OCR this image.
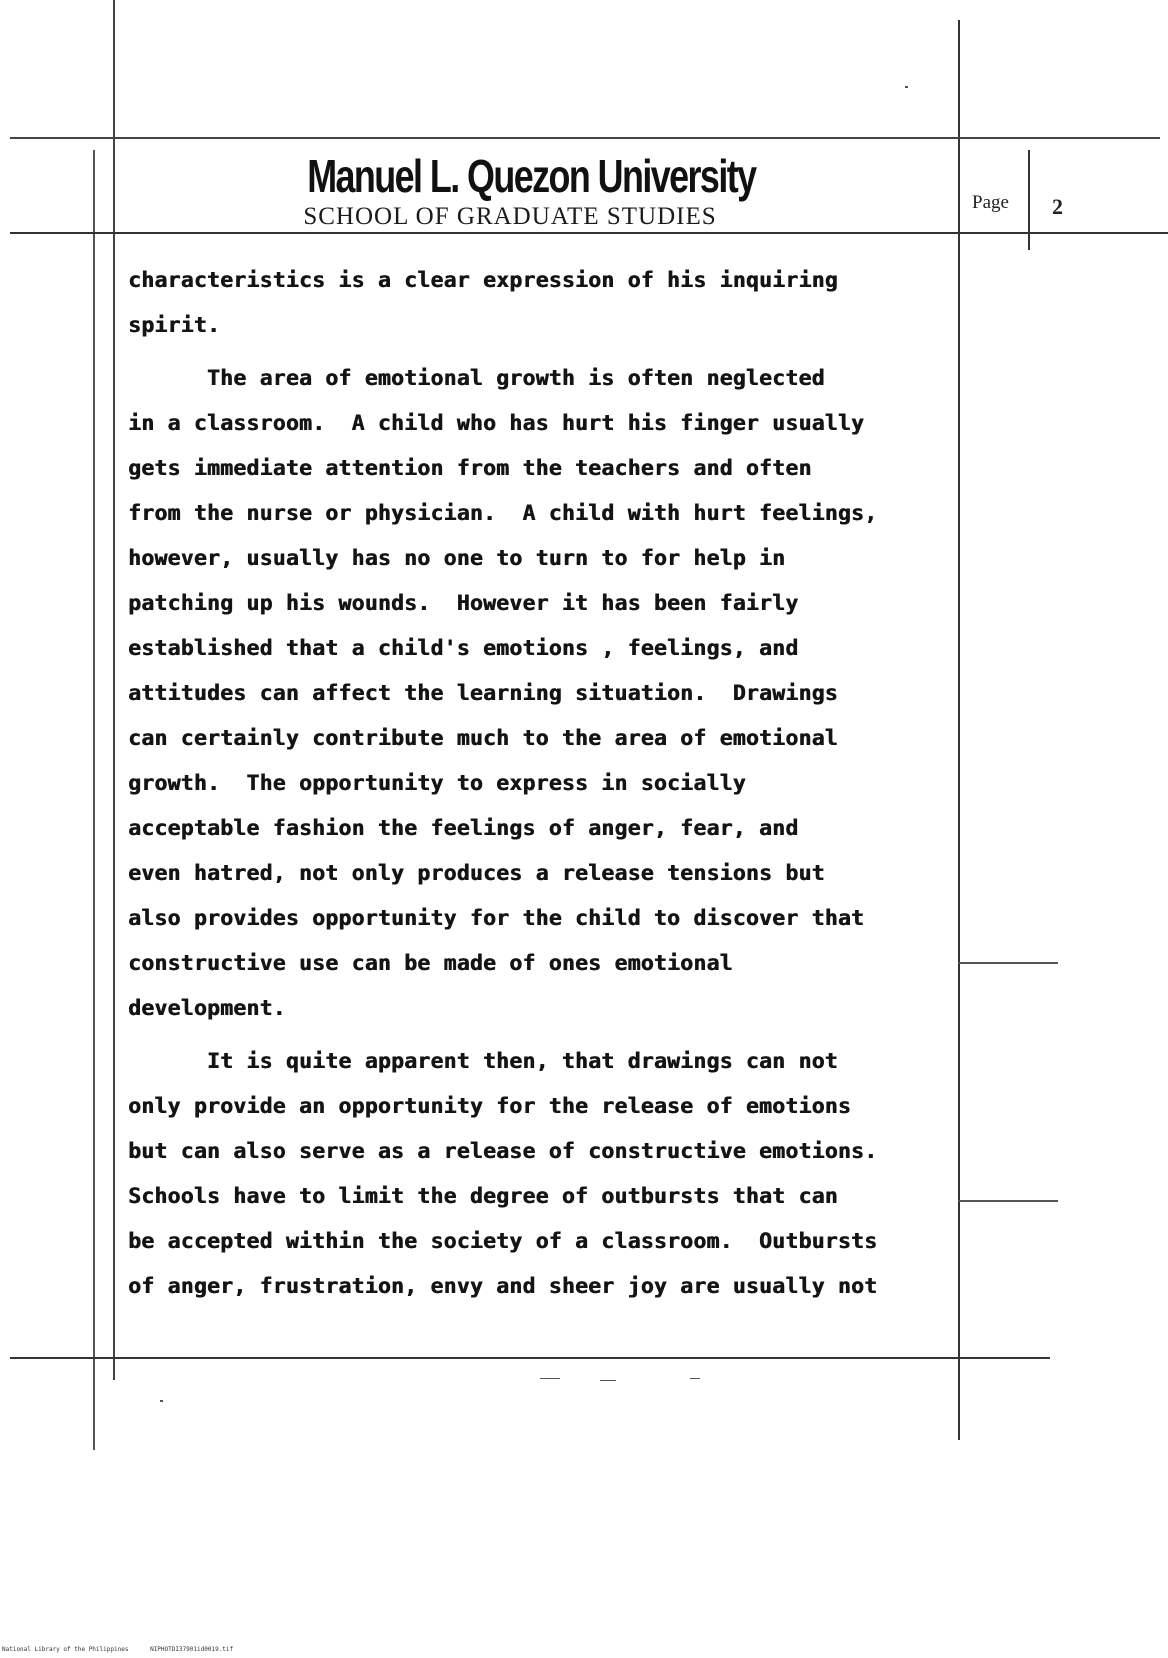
Manuel L. Quezon University
SCHOOL OF GRADUATE STUDIES
Page 2
characteristics is a clear expression of his inquiring
spirit.
The area of emotional growth is often neglected
in a classroom.  A child who has hurt his finger usually
gets immediate attention from the teachers and often
from the nurse or physician.  A child with hurt feelings,
however, usually has no one to turn to for help in
patching up his wounds.  However it has been fairly
established that a child's emotions , feelings, and
attitudes can affect the learning situation.  Drawings
can certainly contribute much to the area of emotional
growth.  The opportunity to express in socially
acceptable fashion the feelings of anger, fear, and
even hatred, not only produces a release tensions but
also provides opportunity for the child to discover that
constructive use can be made of ones emotional
development.
It is quite apparent then, that drawings can not
only provide an opportunity for the release of emotions
but can also serve as a release of constructive emotions.
Schools have to limit the degree of outbursts that can
be accepted within the society of a classroom.  Outbursts
of anger, frustration, envy and sheer joy are usually not
National Library of the Philippines	NIPHOTDI37901id0019.tif
